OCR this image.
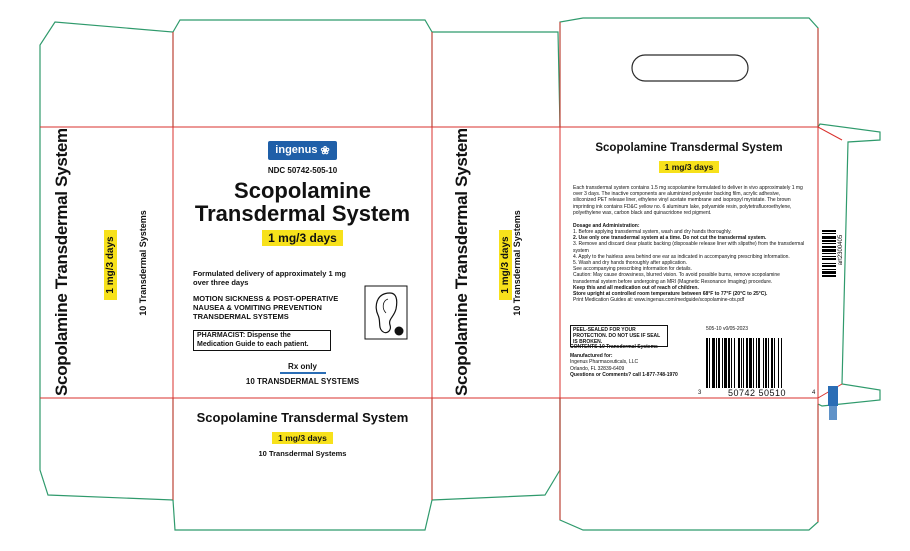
Scopolamine Transdermal System	1 mg/3 days	10 Transdermal Systems	Scopolamine Transdermal System	1 mg/3 days 10 Transdermal Systems
ingenus ❀
NDC 50742-505-10
Scopolamine
Transdermal System
1 mg/3 days
Formulated delivery of approximately 1 mg over three days
MOTION SICKNESS & POST-OPERATIVE NAUSEA & VOMITING PREVENTION TRANSDERMAL SYSTEMS
PHARMACIST: Dispense the Medication Guide to each patient.
Rx only
10 TRANSDERMAL SYSTEMS
Scopolamine Transdermal System
1 mg/3 days
10 Transdermal Systems
Scopolamine Transdermal System
1 mg/3 days
Each transdermal system contains 1.5 mg scopolamine formulated to deliver in vivo approximately 1 mg over 3 days. The inactive components are aluminized polyester backing film, acrylic adhesive, siliconized PET release liner, ethylene vinyl acetate membrane and isopropyl myristate. The brown imprinting ink contains FD&C yellow no. 6 aluminum lake, polyamide resin, polytetrafluoroethylene, polyethylene wax, carbon black and quinacridone red pigment.
Dosage and Administration:
1. Before applying transdermal system, wash and dry hands thoroughly.
2. Use only one transdermal system at a time. Do not cut the transdermal system.
3. Remove and discard clear plastic backing (disposable release liner with slipsthe) from the transdermal system
4. Apply to the hairless area behind one ear as indicated in accompanying prescribing information.
5. Wash and dry hands thoroughly after application.
See accompanying prescribing information for details.
Caution: May cause drowsiness, blurred vision. To avoid possible burns, remove scopolamine transdermal system before undergoing an MRI (Magnetic Resonance Imaging) procedure.
Keep this and all medication out of reach of children.
Store upright at controlled room temperature between 68°F to 77°F (20°C to 25°C).
Print Medication Guides at: www.ingenus.com/medguide/scopolamine-ots.pdf
PEEL-SEALED FOR YOUR PROTECTION. DO NOT USE IF SEAL IS BROKEN.
505-10 v0/05-2023
CONTENTS-10 Transdermal Systems
Manufactured for:
Ingenus Pharmaceuticals, LLC
Orlando, FL 32839-6409
Questions or Comments? call 1-877-748-1970
3	50742 50510	4
art2300405
